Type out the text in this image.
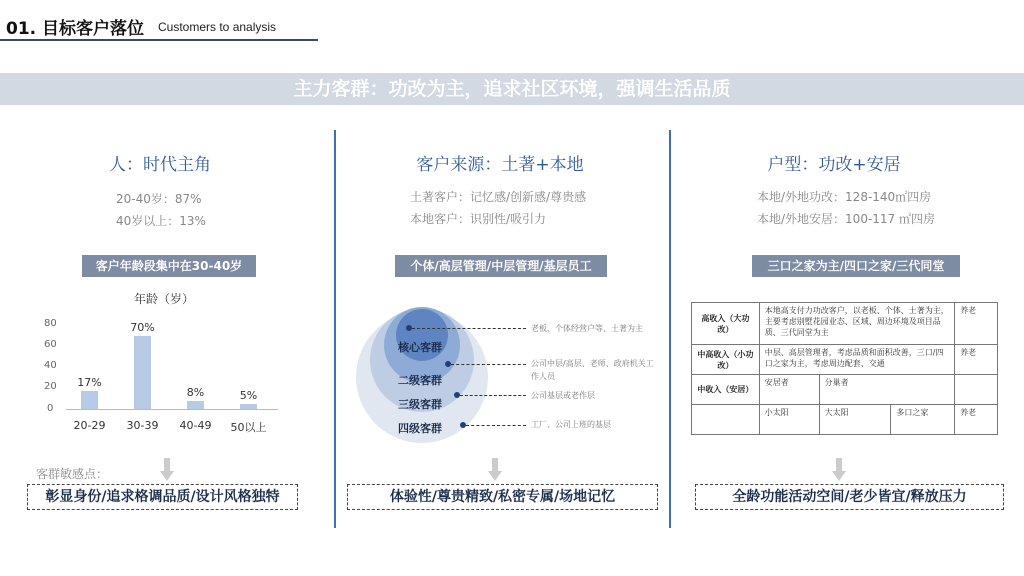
01. 目标客户落位 Customers to analysis
主力客群：功改为主，追求社区环境，强调生活品质
人：时代主角
20-40岁：87%
40岁以上：13%
客户年龄段集中在30-40岁
年龄（岁）
80
60
40
20
0
17%
20-29
70%
30-39
8%
40-49
5%
50以上
客群敏感点：
彰显身份/追求格调品质/设计风格独特
客户来源：土著+本地
土著客户：记忆感/创新感/尊贵感
本地客户：识别性/吸引力
个体/高层管理/中层管理/基层员工
核心客群
二级客群
三级客群
四级客群
老板、个体经营户等、土著为主
公司中层/高层、老师、政府机关工作人员
公司基层或老作层
工厂、公司上班的基层
体验性/尊贵精致/私密专属/场地记忆
户型：功改+安居
本地/外地功改：128-140㎡四房
本地/外地安居：100-117 ㎡四房
三口之家为主/四口之家/三代同堂
高收入（大功改）	本地高支付力功改客户，以老板、个体、土著为主，主要考虑别墅花园业态、区域、周边环境及项目品质、三代同堂为主			养老
中高收入（小功改）	中层、高层管理者，考虑品质和面积改善，三口/四口之家为主，考虑周边配套、交通			养老
中收入（安居）	安居者	分巢者		
	小太阳	大太阳	多口之家	养老
全龄功能活动空间/老少皆宜/释放压力
